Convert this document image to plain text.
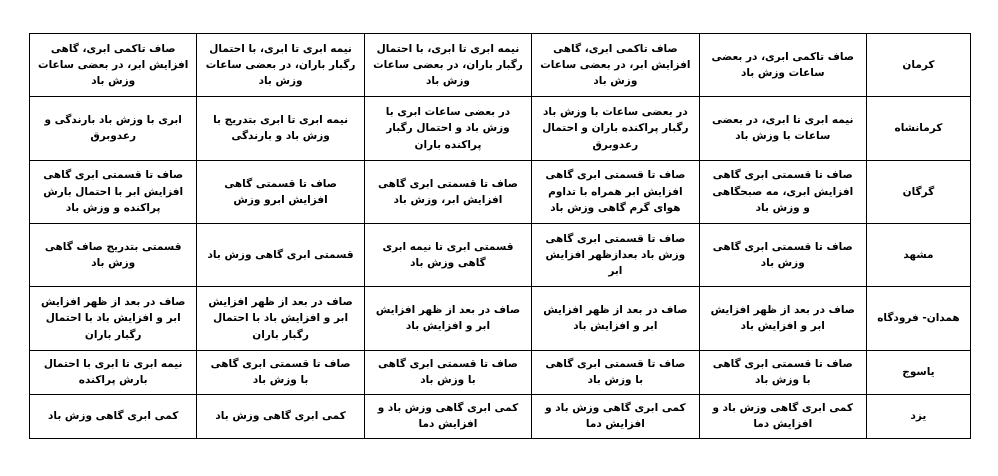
کرمان	صاف تاکمی ابری، در بعضی ساعات وزش باد	صاف تاکمی ابری، گاهی افزایش ابر، در بعضی ساعات وزش باد	نیمه ابری تا ابری، با احتمال رگبار باران، در بعضی ساعات وزش باد	نیمه ابری تا ابری، با احتمال رگبار باران، در بعضی ساعات وزش باد	صاف تاکمی ابری، گاهی افزایش ابر، در بعضی ساعات وزش باد
کرمانشاه	نیمه ابری تا ابری، در بعضی ساعات با وزش باد	در بعضی ساعات با وزش باد رگبار پراکنده باران و احتمال رعدوبرق	در بعضی ساعات ابری با وزش باد و احتمال رگبار پراکنده باران	نیمه ابری تا ابری بتدریج با وزش باد و بارندگی	ابری با وزش باد بارندگی و رعدوبرق
گرگان	صاف تا قسمتی ابری گاهی افزایش ابری، مه صبحگاهی و وزش باد	صاف تا قسمتی ابری گاهی افزایش ابر همراه با تداوم هوای گرم گاهی وزش باد	صاف تا قسمتی ابری گاهی افزایش ابر، وزش باد	صاف تا قسمتی گاهی افزایش ابرو وزش	صاف تا قسمتی ابری گاهی افزایش ابر با احتمال بارش پراکنده و وزش باد
مشهد	صاف تا قسمتی ابری گاهی وزش باد	صاف تا قسمتی ابری گاهی وزش باد بعدازظهر افزایش ابر	قسمتی ابری تا نیمه ابری گاهی وزش باد	قسمتی ابری گاهی وزش باد	قسمتی بتدریج صاف گاهی وزش باد
همدان- فرودگاه	صاف در بعد از ظهر افزایش ابر و افزایش باد	صاف در بعد از ظهر افزایش ابر و افزایش باد	صاف در بعد از ظهر افزایش ابر و افزایش باد	صاف در بعد از ظهر افزایش ابر و افزایش باد با احتمال رگبار باران	صاف در بعد از ظهر افزایش ابر و افزایش باد با احتمال رگبار باران
یاسوج	صاف تا قسمتی ابری گاهی با وزش باد	صاف تا قسمتی ابری گاهی با وزش باد	صاف تا قسمتی ابری گاهی با وزش باد	صاف تا قسمتی ابری گاهی با وزش باد	نیمه ابری تا ابری با احتمال بارش پراکنده
یزد	کمی ابری گاهی وزش باد و افزایش دما	کمی ابری گاهی وزش باد و افزایش دما	کمی ابری گاهی وزش باد و افزایش دما	کمی ابری گاهی وزش باد	کمی ابری گاهی وزش باد
